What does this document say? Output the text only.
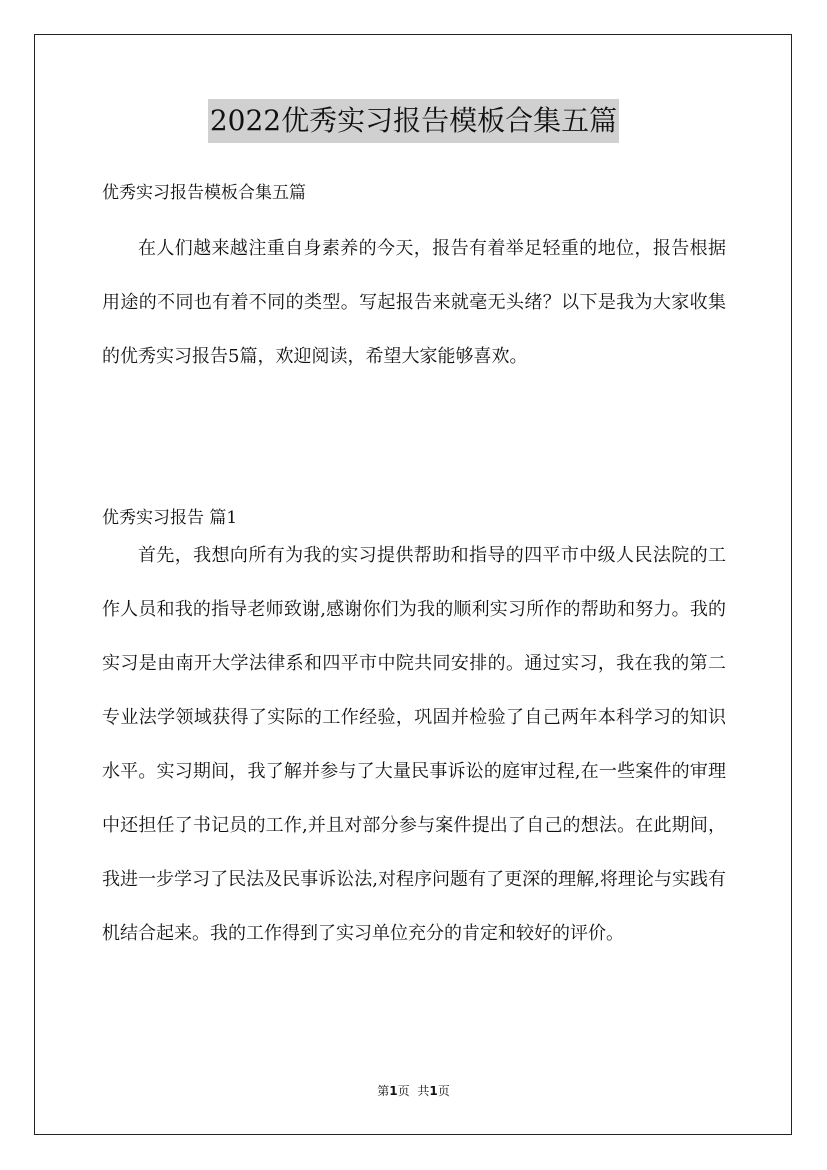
2022优秀实习报告模板合集五篇

优秀实习报告模板合集五篇

在人们越来越注重自身素养的今天，报告有着举足轻重的地位，报告根据用途的不同也有着不同的类型。写起报告来就毫无头绪？以下是我为大家收集的优秀实习报告5篇，欢迎阅读，希望大家能够喜欢。

优秀实习报告 篇1

首先，我想向所有为我的实习提供帮助和指导的四平市中级人民法院的工作人员和我的指导老师致谢,感谢你们为我的顺利实习所作的帮助和努力。我的实习是由南开大学法律系和四平市中院共同安排的。通过实习，我在我的第二专业法学领域获得了实际的工作经验，巩固并检验了自己两年本科学习的知识水平。实习期间，我了解并参与了大量民事诉讼的庭审过程,在一些案件的审理中还担任了书记员的工作,并且对部分参与案件提出了自己的想法。在此期间，我进一步学习了民法及民事诉讼法,对程序问题有了更深的理解,将理论与实践有机结合起来。我的工作得到了实习单位充分的肯定和较好的评价。

第1页 共1页
